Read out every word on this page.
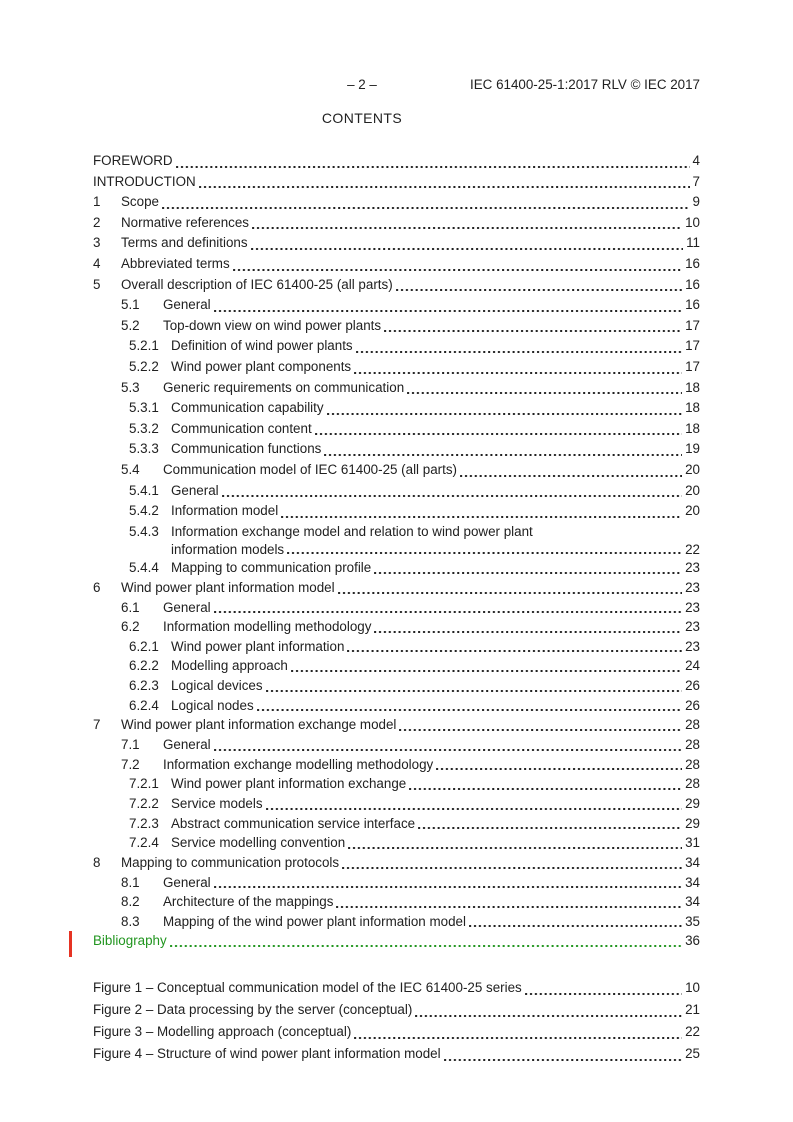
– 2 –	IEC 61400-25-1:2017 RLV © IEC 2017
CONTENTS
FOREWORD	4
INTRODUCTION	7
1	Scope	9
2	Normative references	10
3	Terms and definitions	11
4	Abbreviated terms	16
5	Overall description of IEC 61400-25 (all parts)	16
5.1	General	16
5.2	Top-down view on wind power plants	17
5.2.1 Definition of wind power plants	17
5.2.2 Wind power plant components	17
5.3	Generic requirements on communication	18
5.3.1 Communication capability	18
5.3.2 Communication content	18
5.3.3 Communication functions	19
5.4	Communication model of IEC 61400-25 (all parts)	20
5.4.1 General	20
5.4.2 Information model	20
5.4.3 Information exchange model and relation to wind power plant
information models	22
5.4.4 Mapping to communication profile	23
6	Wind power plant information model	23
6.1	General	23
6.2	Information modelling methodology	23
6.2.1 Wind power plant information	23
6.2.2 Modelling approach	24
6.2.3 Logical devices	26
6.2.4 Logical nodes	26
7	Wind power plant information exchange model	28
7.1	General	28
7.2	Information exchange modelling methodology	28
7.2.1 Wind power plant information exchange	28
7.2.2 Service models	29
7.2.3 Abstract communication service interface	29
7.2.4 Service modelling convention	31
8	Mapping to communication protocols	34
8.1	General	34
8.2	Architecture of the mappings	34
8.3	Mapping of the wind power plant information model	35
Bibliography	36
Figure 1 – Conceptual communication model of the IEC 61400-25 series	10
Figure 2 – Data processing by the server (conceptual)	21
Figure 3 – Modelling approach (conceptual)	22
Figure 4 – Structure of wind power plant information model	25
